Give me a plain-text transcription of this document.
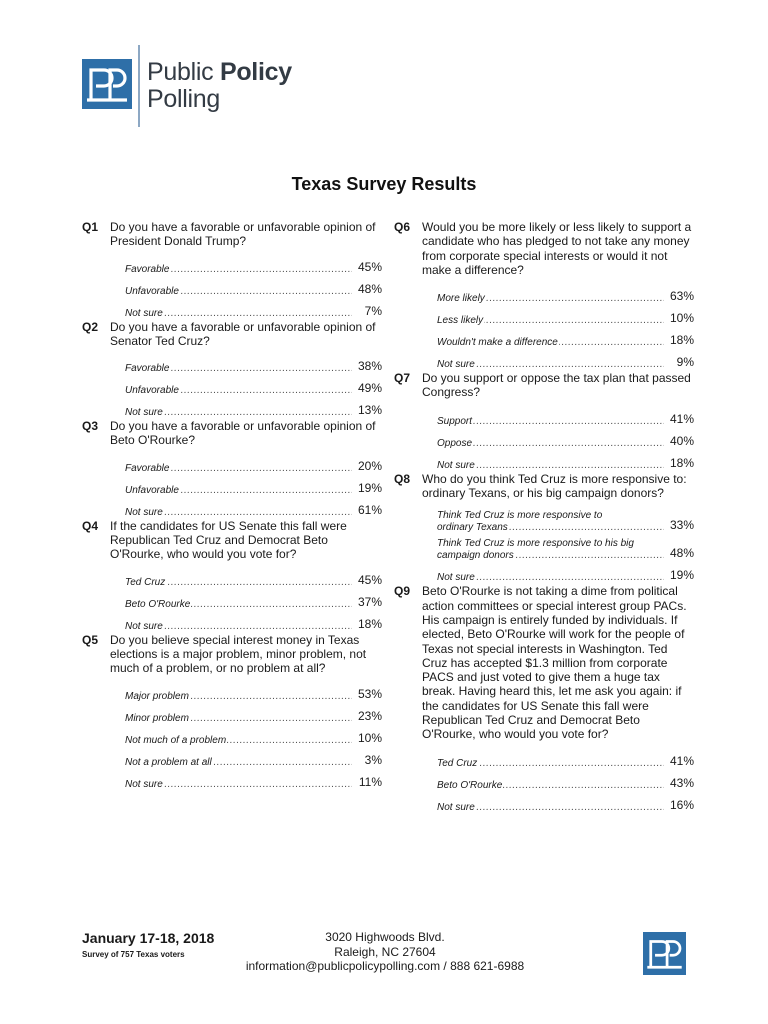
Public Policy
Polling
Texas Survey Results
Q1 Do you have a favorable or unfavorable opinion of President Donald Trump?
Favorable .....	45%
Unfavorable .....	48%
Not sure .....	7%
Q2 Do you have a favorable or unfavorable opinion of Senator Ted Cruz?
Favorable .....	38%
Unfavorable .....	49%
Not sure .....	13%
Q3 Do you have a favorable or unfavorable opinion of Beto O'Rourke?
Favorable .....	20%
Unfavorable .....	19%
Not sure .....	61%
Q4 If the candidates for US Senate this fall were Republican Ted Cruz and Democrat Beto O'Rourke, who would you vote for?
Ted Cruz .....	45%
Beto O'Rourke .....	37%
Not sure .....	18%
Q5 Do you believe special interest money in Texas elections is a major problem, minor problem, not much of a problem, or no problem at all?
Major problem .....	53%
Minor problem .....	23%
Not much of a problem .....	10%
Not a problem at all .....	3%
Not sure .....	11%
Q6 Would you be more likely or less likely to support a candidate who has pledged to not take any money from corporate special interests or would it not make a difference?
More likely .....	63%
Less likely .....	10%
Wouldn't make a difference .....	18%
Not sure .....	9%
Q7 Do you support or oppose the tax plan that passed Congress?
Support .....	41%
Oppose .....	40%
Not sure .....	18%
Q8 Who do you think Ted Cruz is more responsive to: ordinary Texans, or his big campaign donors?
Think Ted Cruz is more responsive to
ordinary Texans .....	33%
Think Ted Cruz is more responsive to his big
campaign donors .....	48%
Not sure .....	19%
Q9 Beto O'Rourke is not taking a dime from political action committees or special interest group PACs. His campaign is entirely funded by individuals. If elected, Beto O'Rourke will work for the people of Texas not special interests in Washington. Ted Cruz has accepted $1.3 million from corporate PACS and just voted to give them a huge tax break. Having heard this, let me ask you again: if the candidates for US Senate this fall were Republican Ted Cruz and Democrat Beto O'Rourke, who would you vote for?
Ted Cruz .....	41%
Beto O'Rourke .....	43%
Not sure .....	16%
January 17-18, 2018
Survey of 757 Texas voters
3020 Highwoods Blvd.
Raleigh, NC 27604
information@publicpolicypolling.com / 888 621-6988
